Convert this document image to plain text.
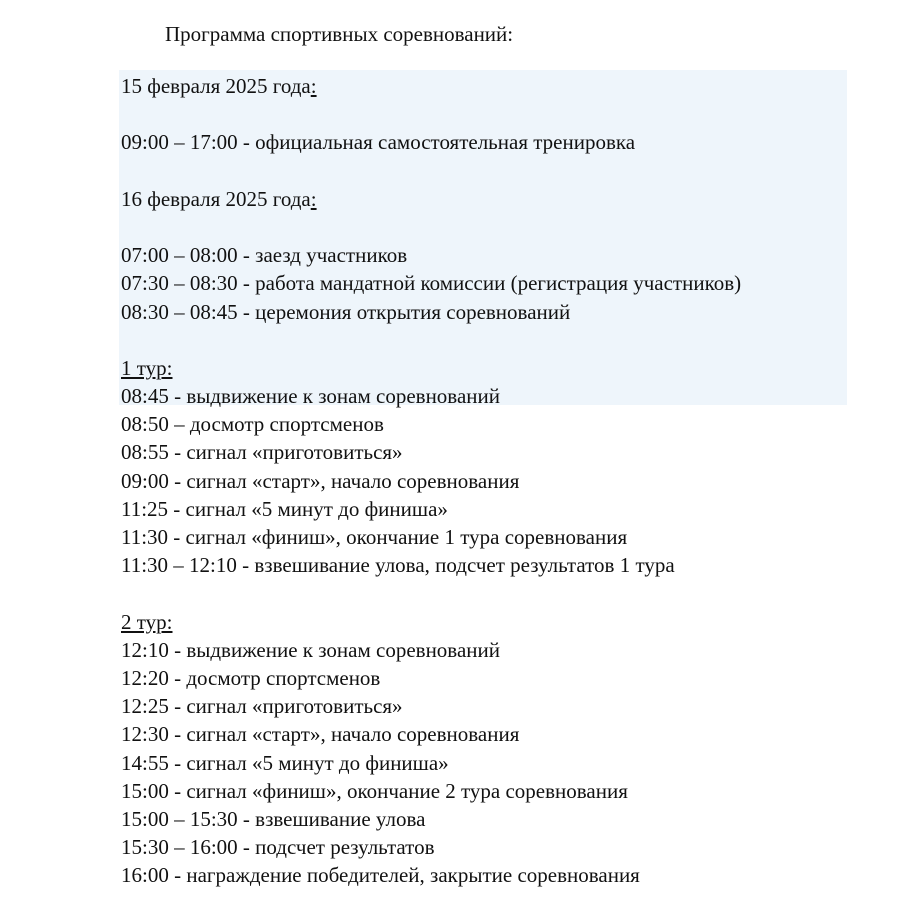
Программа спортивных соревнований:
15 февраля 2025 года:
09:00 – 17:00 - официальная самостоятельная тренировка
16 февраля 2025 года:
07:00 – 08:00 - заезд участников
07:30 – 08:30 - работа мандатной комиссии (регистрация участников)
08:30 – 08:45 - церемония открытия соревнований
1 тур:
08:45 - выдвижение к зонам соревнований
08:50 – досмотр спортсменов
08:55 - сигнал «приготовиться»
09:00 - сигнал «старт», начало соревнования
11:25 - сигнал «5 минут до финиша»
11:30 - сигнал «финиш», окончание 1 тура соревнования
11:30 – 12:10 - взвешивание улова, подсчет результатов 1 тура
2 тур:
12:10 - выдвижение к зонам соревнований
12:20 - досмотр спортсменов
12:25 - сигнал «приготовиться»
12:30 - сигнал «старт», начало соревнования
14:55 - сигнал «5 минут до финиша»
15:00 - сигнал «финиш», окончание 2 тура соревнования
15:00 – 15:30 - взвешивание улова
15:30 – 16:00 - подсчет результатов
16:00 - награждение победителей, закрытие соревнования
